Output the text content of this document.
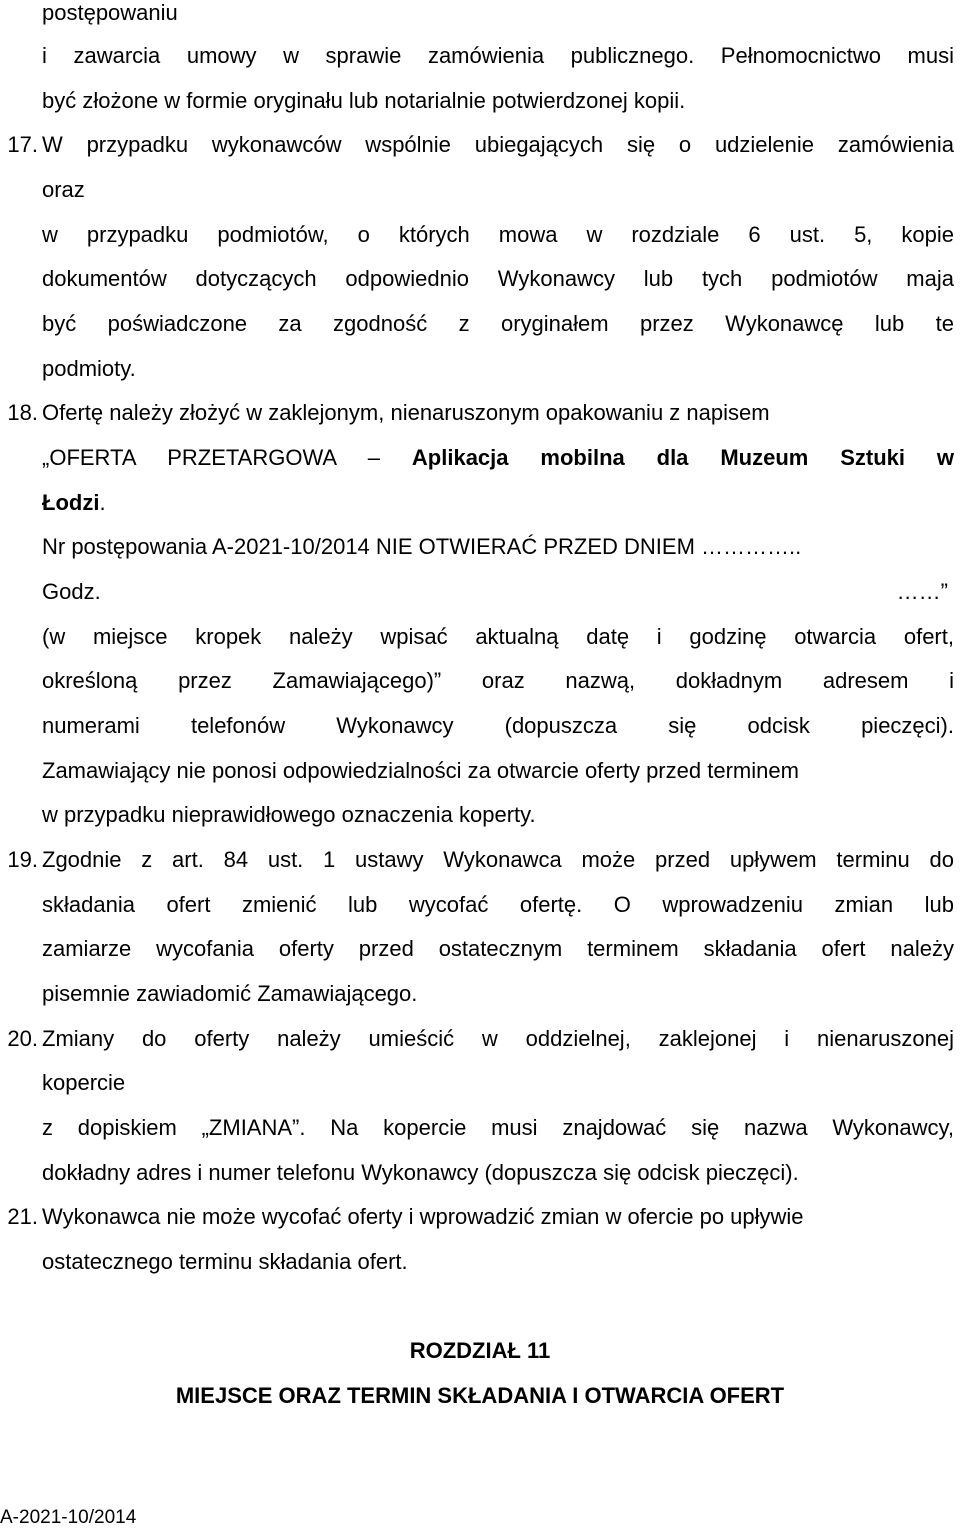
postępowaniu
i zawarcia umowy w sprawie zamówienia publicznego. Pełnomocnictwo musi
być złożone w formie oryginału lub notarialnie potwierdzonej kopii.
17. W przypadku wykonawców wspólnie ubiegających się o udzielenie zamówienia
oraz
w przypadku podmiotów, o których mowa w rozdziale 6 ust. 5, kopie
dokumentów dotyczących odpowiednio Wykonawcy lub tych podmiotów maja
być poświadczone za zgodność z oryginałem przez Wykonawcę lub te
podmioty.
18. Ofertę należy złożyć w zaklejonym, nienaruszonym opakowaniu z napisem
„OFERTA PRZETARGOWA – Aplikacja mobilna dla Muzeum Sztuki w
Łodzi.
Nr postępowania A-2021-10/2014 NIE OTWIERAĆ PRZED DNIEM …………..
Godz.	……”
(w miejsce kropek należy wpisać aktualną datę i godzinę otwarcia ofert,
określoną przez Zamawiającego)” oraz nazwą, dokładnym adresem i
numerami telefonów Wykonawcy (dopuszcza się odcisk pieczęci).
Zamawiający nie ponosi odpowiedzialności za otwarcie oferty przed terminem
w przypadku nieprawidłowego oznaczenia koperty.
19. Zgodnie z art. 84 ust. 1 ustawy Wykonawca może przed upływem terminu do
składania ofert zmienić lub wycofać ofertę. O wprowadzeniu zmian lub
zamiarze wycofania oferty przed ostatecznym terminem składania ofert należy
pisemnie zawiadomić Zamawiającego.
20. Zmiany do oferty należy umieścić w oddzielnej, zaklejonej i nienaruszonej
kopercie
z dopiskiem „ZMIANA”. Na kopercie musi znajdować się nazwa Wykonawcy,
dokładny adres i numer telefonu Wykonawcy (dopuszcza się odcisk pieczęci).
21. Wykonawca nie może wycofać oferty i wprowadzić zmian w ofercie po upływie
ostatecznego terminu składania ofert.
ROZDZIAŁ 11
MIEJSCE ORAZ TERMIN SKŁADANIA I OTWARCIA OFERT
A-2021-10/2014
